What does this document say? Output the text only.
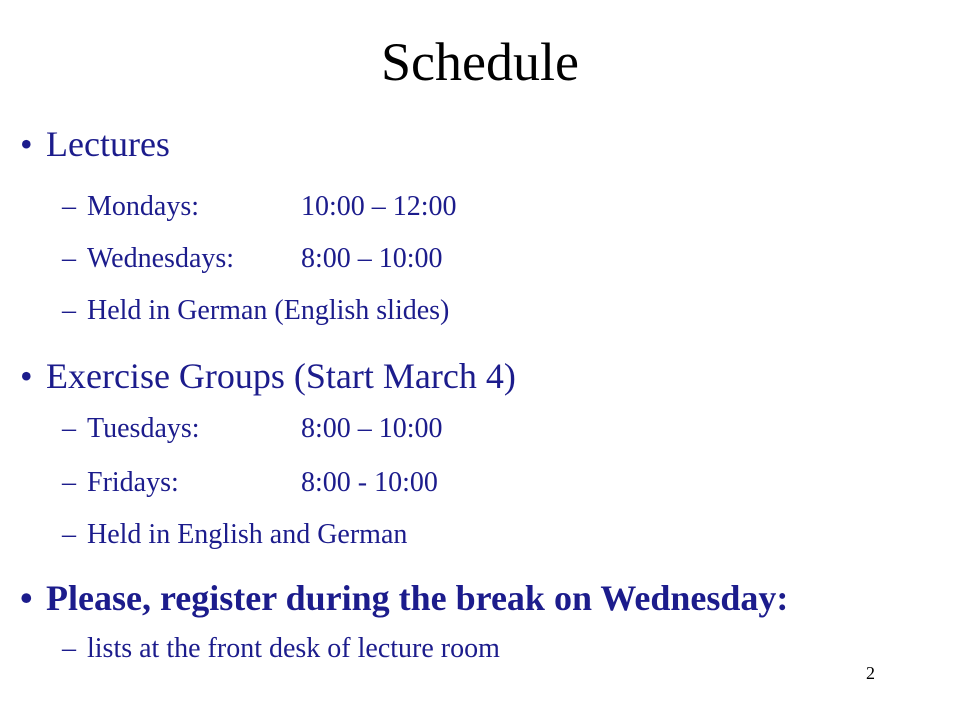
Schedule
• Lectures
– Mondays:	10:00 – 12:00
– Wednesdays: 8:00 – 10:00
– Held in German (English slides)
• Exercise Groups (Start March 4)
– Tuesdays:	8:00 – 10:00
– Fridays:	8:00 - 10:00
– Held in English and German
• Please, register during the break on Wednesday:
– lists at the front desk of lecture room
2
